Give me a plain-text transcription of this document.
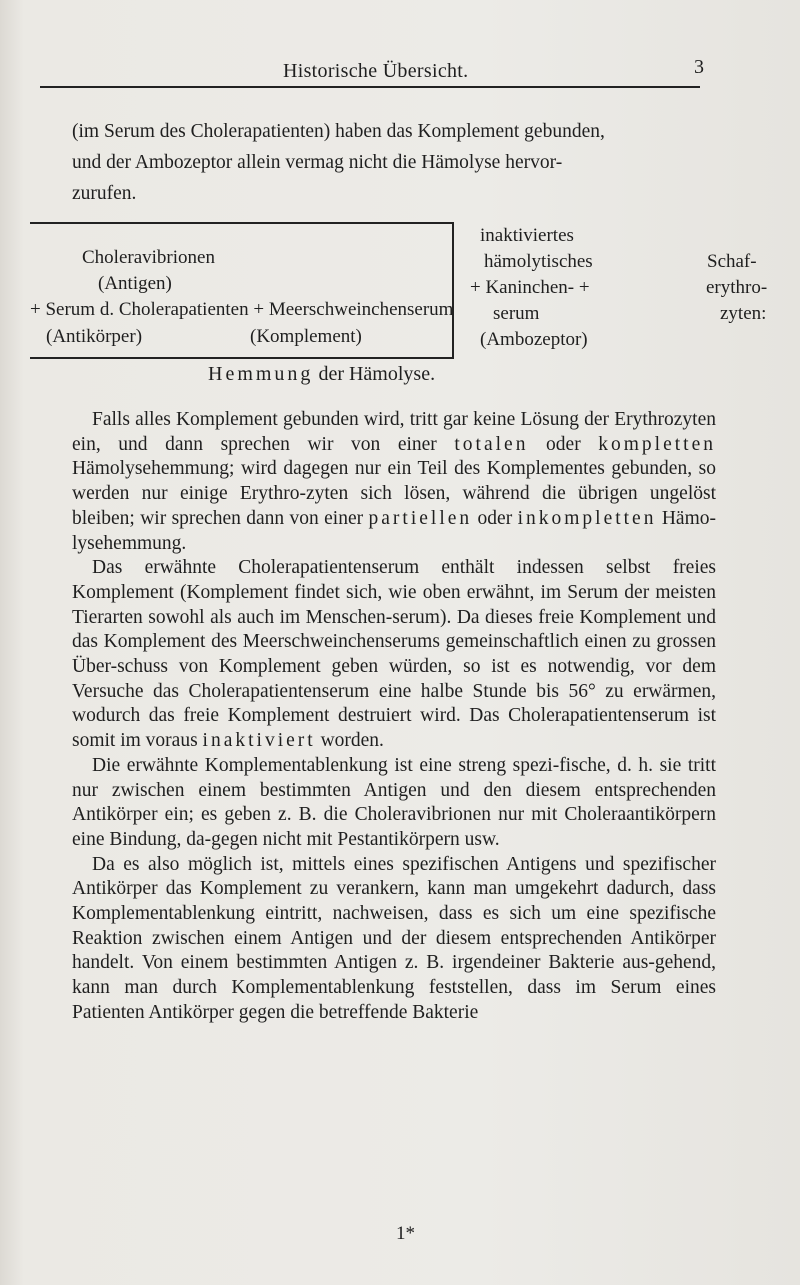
Historische Übersicht.	3

(im Serum des Cholerapatienten) haben das Komplement gebunden,

und der Ambozeptor allein vermag nicht die Hämolyse hervor-

zurufen.

Choleravibrionen
(Antigen)
+ Serum d. Cholerapatienten + Meerschweinchenserum
(Antikörper)	(Komplement)
inaktiviertes
hämolytisches
+ Kaninchen- +
serum
(Ambozeptor)
Schaf-
erythro-
zyten:
Hemmung der Hämolyse.

Falls alles Komplement gebunden wird, tritt gar keine Lösung der Erythrozyten ein, und dann sprechen wir von einer totalen oder kompletten Hämolysehemmung; wird dagegen nur ein Teil des Komplementes gebunden, so werden nur einige Erythro-zyten sich lösen, während die übrigen ungelöst bleiben; wir sprechen dann von einer partiellen oder inkompletten Hämo-lysehemmung.

Das erwähnte Cholerapatientenserum enthält indessen selbst freies Komplement (Komplement findet sich, wie oben erwähnt, im Serum der meisten Tierarten sowohl als auch im Menschen-serum). Da dieses freie Komplement und das Komplement des Meerschweinchenserums gemeinschaftlich einen zu grossen Über-schuss von Komplement geben würden, so ist es notwendig, vor dem Versuche das Cholerapatientenserum eine halbe Stunde bis 56° zu erwärmen, wodurch das freie Komplement destruiert wird. Das Cholerapatientenserum ist somit im voraus inaktiviert worden.

Die erwähnte Komplementablenkung ist eine streng spezi-fische, d. h. sie tritt nur zwischen einem bestimmten Antigen und den diesem entsprechenden Antikörper ein; es geben z. B. die Choleravibrionen nur mit Choleraantikörpern eine Bindung, da-gegen nicht mit Pestantikörpern usw.

Da es also möglich ist, mittels eines spezifischen Antigens und spezifischer Antikörper das Komplement zu verankern, kann man umgekehrt dadurch, dass Komplementablenkung eintritt, nachweisen, dass es sich um eine spezifische Reaktion zwischen einem Antigen und der diesem entsprechenden Antikörper handelt. Von einem bestimmten Antigen z. B. irgendeiner Bakterie aus-gehend, kann man durch Komplementablenkung feststellen, dass im Serum eines Patienten Antikörper gegen die betreffende Bakterie

1*
